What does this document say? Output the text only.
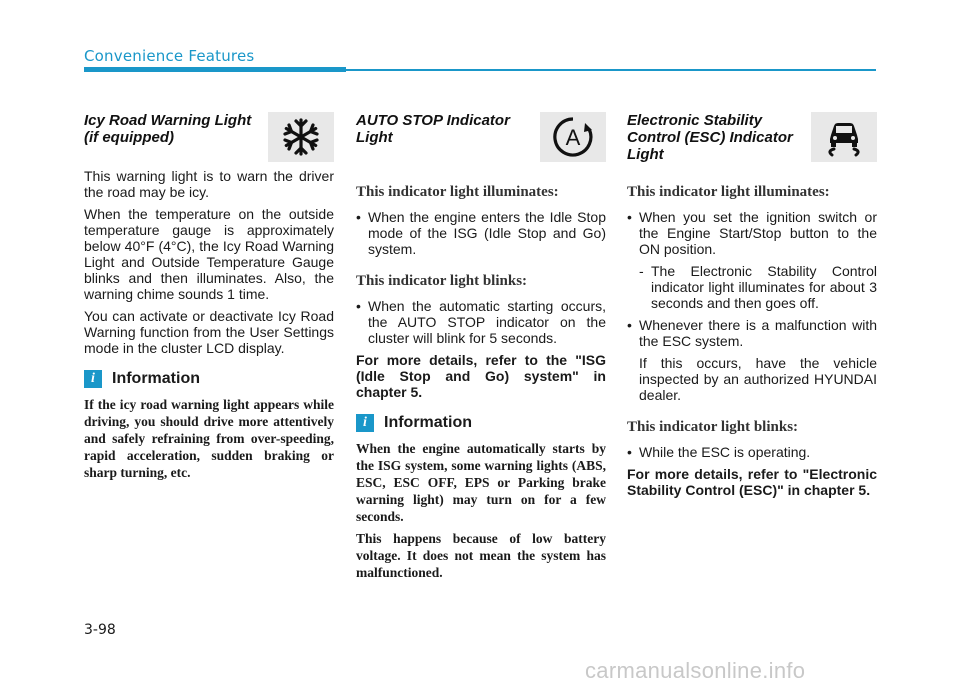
Convenience Features
Icy Road Warning Light (if equipped)

This warning light is to warn the driver the road may be icy.

When the temperature on the outside temperature gauge is approximately below 40°F (4°C), the Icy Road Warning Light and Outside Temperature Gauge blinks and then illuminates. Also, the warning chime sounds 1 time.

You can activate or deactivate Icy Road Warning function from the User Settings mode in the cluster LCD display.

i	Information

If the icy road warning light appears while driving, you should drive more attentively and safely refraining from over-speeding, rapid acceleration, sudden braking or sharp turning, etc.

AUTO STOP Indicator Light	A
This indicator light illuminates:
• When the engine enters the Idle Stop mode of the ISG (Idle Stop and Go) system.
This indicator light blinks:
• When the automatic starting occurs, the AUTO STOP indicator on the cluster will blink for 5 seconds.

For more details, refer to the "ISG (Idle Stop and Go) system" in chapter 5.

i	Information

When the engine automatically starts by the ISG system, some warning lights (ABS, ESC, ESC OFF, EPS or Parking brake warning light) may turn on for a few seconds.

This happens because of low battery voltage. It does not mean the system has malfunctioned.

Electronic Stability Control (ESC) Indicator Light
This indicator light illuminates:
• When you set the ignition switch or the Engine Start/Stop button to the ON position.
- The Electronic Stability Control indicator light illuminates for about 3 seconds and then goes off.
• Whenever there is a malfunction with the ESC system.

If this occurs, have the vehicle inspected by an authorized HYUNDAI dealer.

This indicator light blinks:
• While the ESC is operating.

For more details, refer to "Electronic Stability Control (ESC)" in chapter 5.

3-98
carmanualsonline.info
